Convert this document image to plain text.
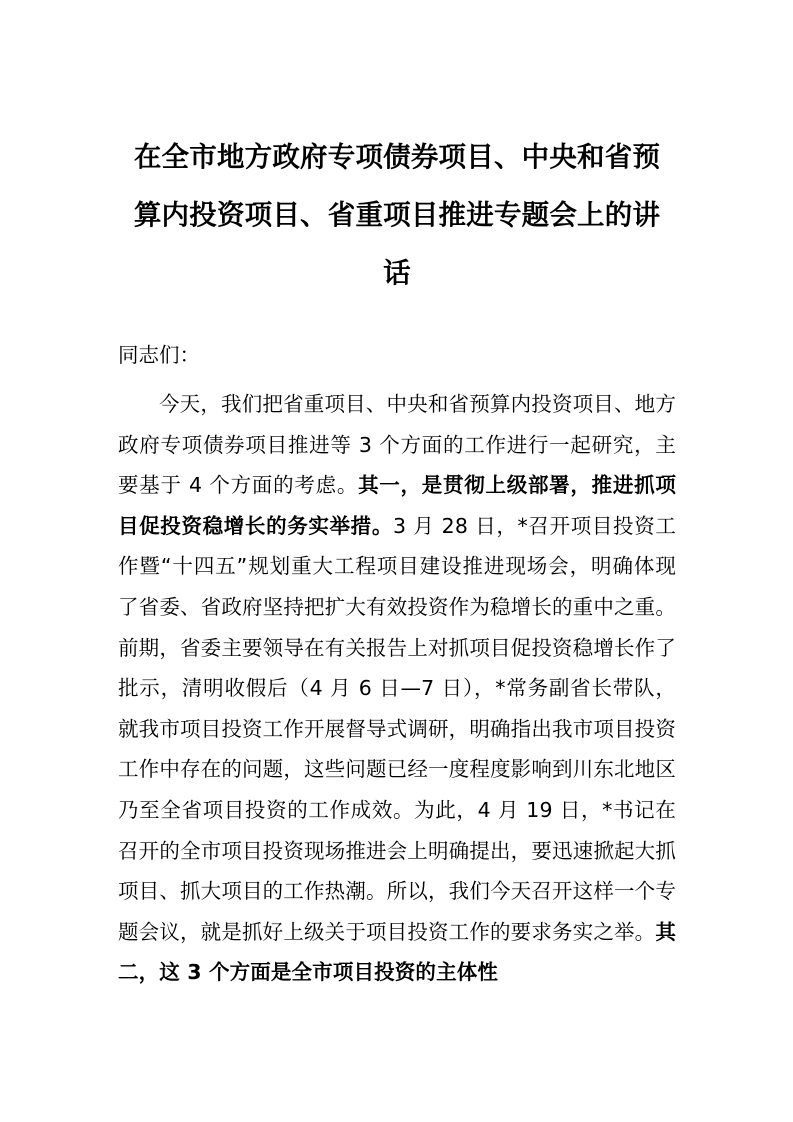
在全市地方政府专项债券项目、中央和省预
算内投资项目、省重项目推进专题会上的讲
话

同志们：

今天，我们把省重项目、中央和省预算内投资项目、地方政府专项债券项目推进等 3 个方面的工作进行一起研究，主要基于 4 个方面的考虑。其一，是贯彻上级部署，推进抓项目促投资稳增长的务实举措。3 月 28 日，*召开项目投资工作暨“十四五”规划重大工程项目建设推进现场会，明确体现了省委、省政府坚持把扩大有效投资作为稳增长的重中之重。前期，省委主要领导在有关报告上对抓项目促投资稳增长作了批示，清明收假后（4 月 6 日—7 日），*常务副省长带队，就我市项目投资工作开展督导式调研，明确指出我市项目投资工作中存在的问题，这些问题已经一度程度影响到川东北地区乃至全省项目投资的工作成效。为此，4 月 19 日，*书记在召开的全市项目投资现场推进会上明确提出，要迅速掀起大抓项目、抓大项目的工作热潮。所以，我们今天召开这样一个专题会议，就是抓好上级关于项目投资工作的要求务实之举。其二，这 3 个方面是全市项目投资的主体性
